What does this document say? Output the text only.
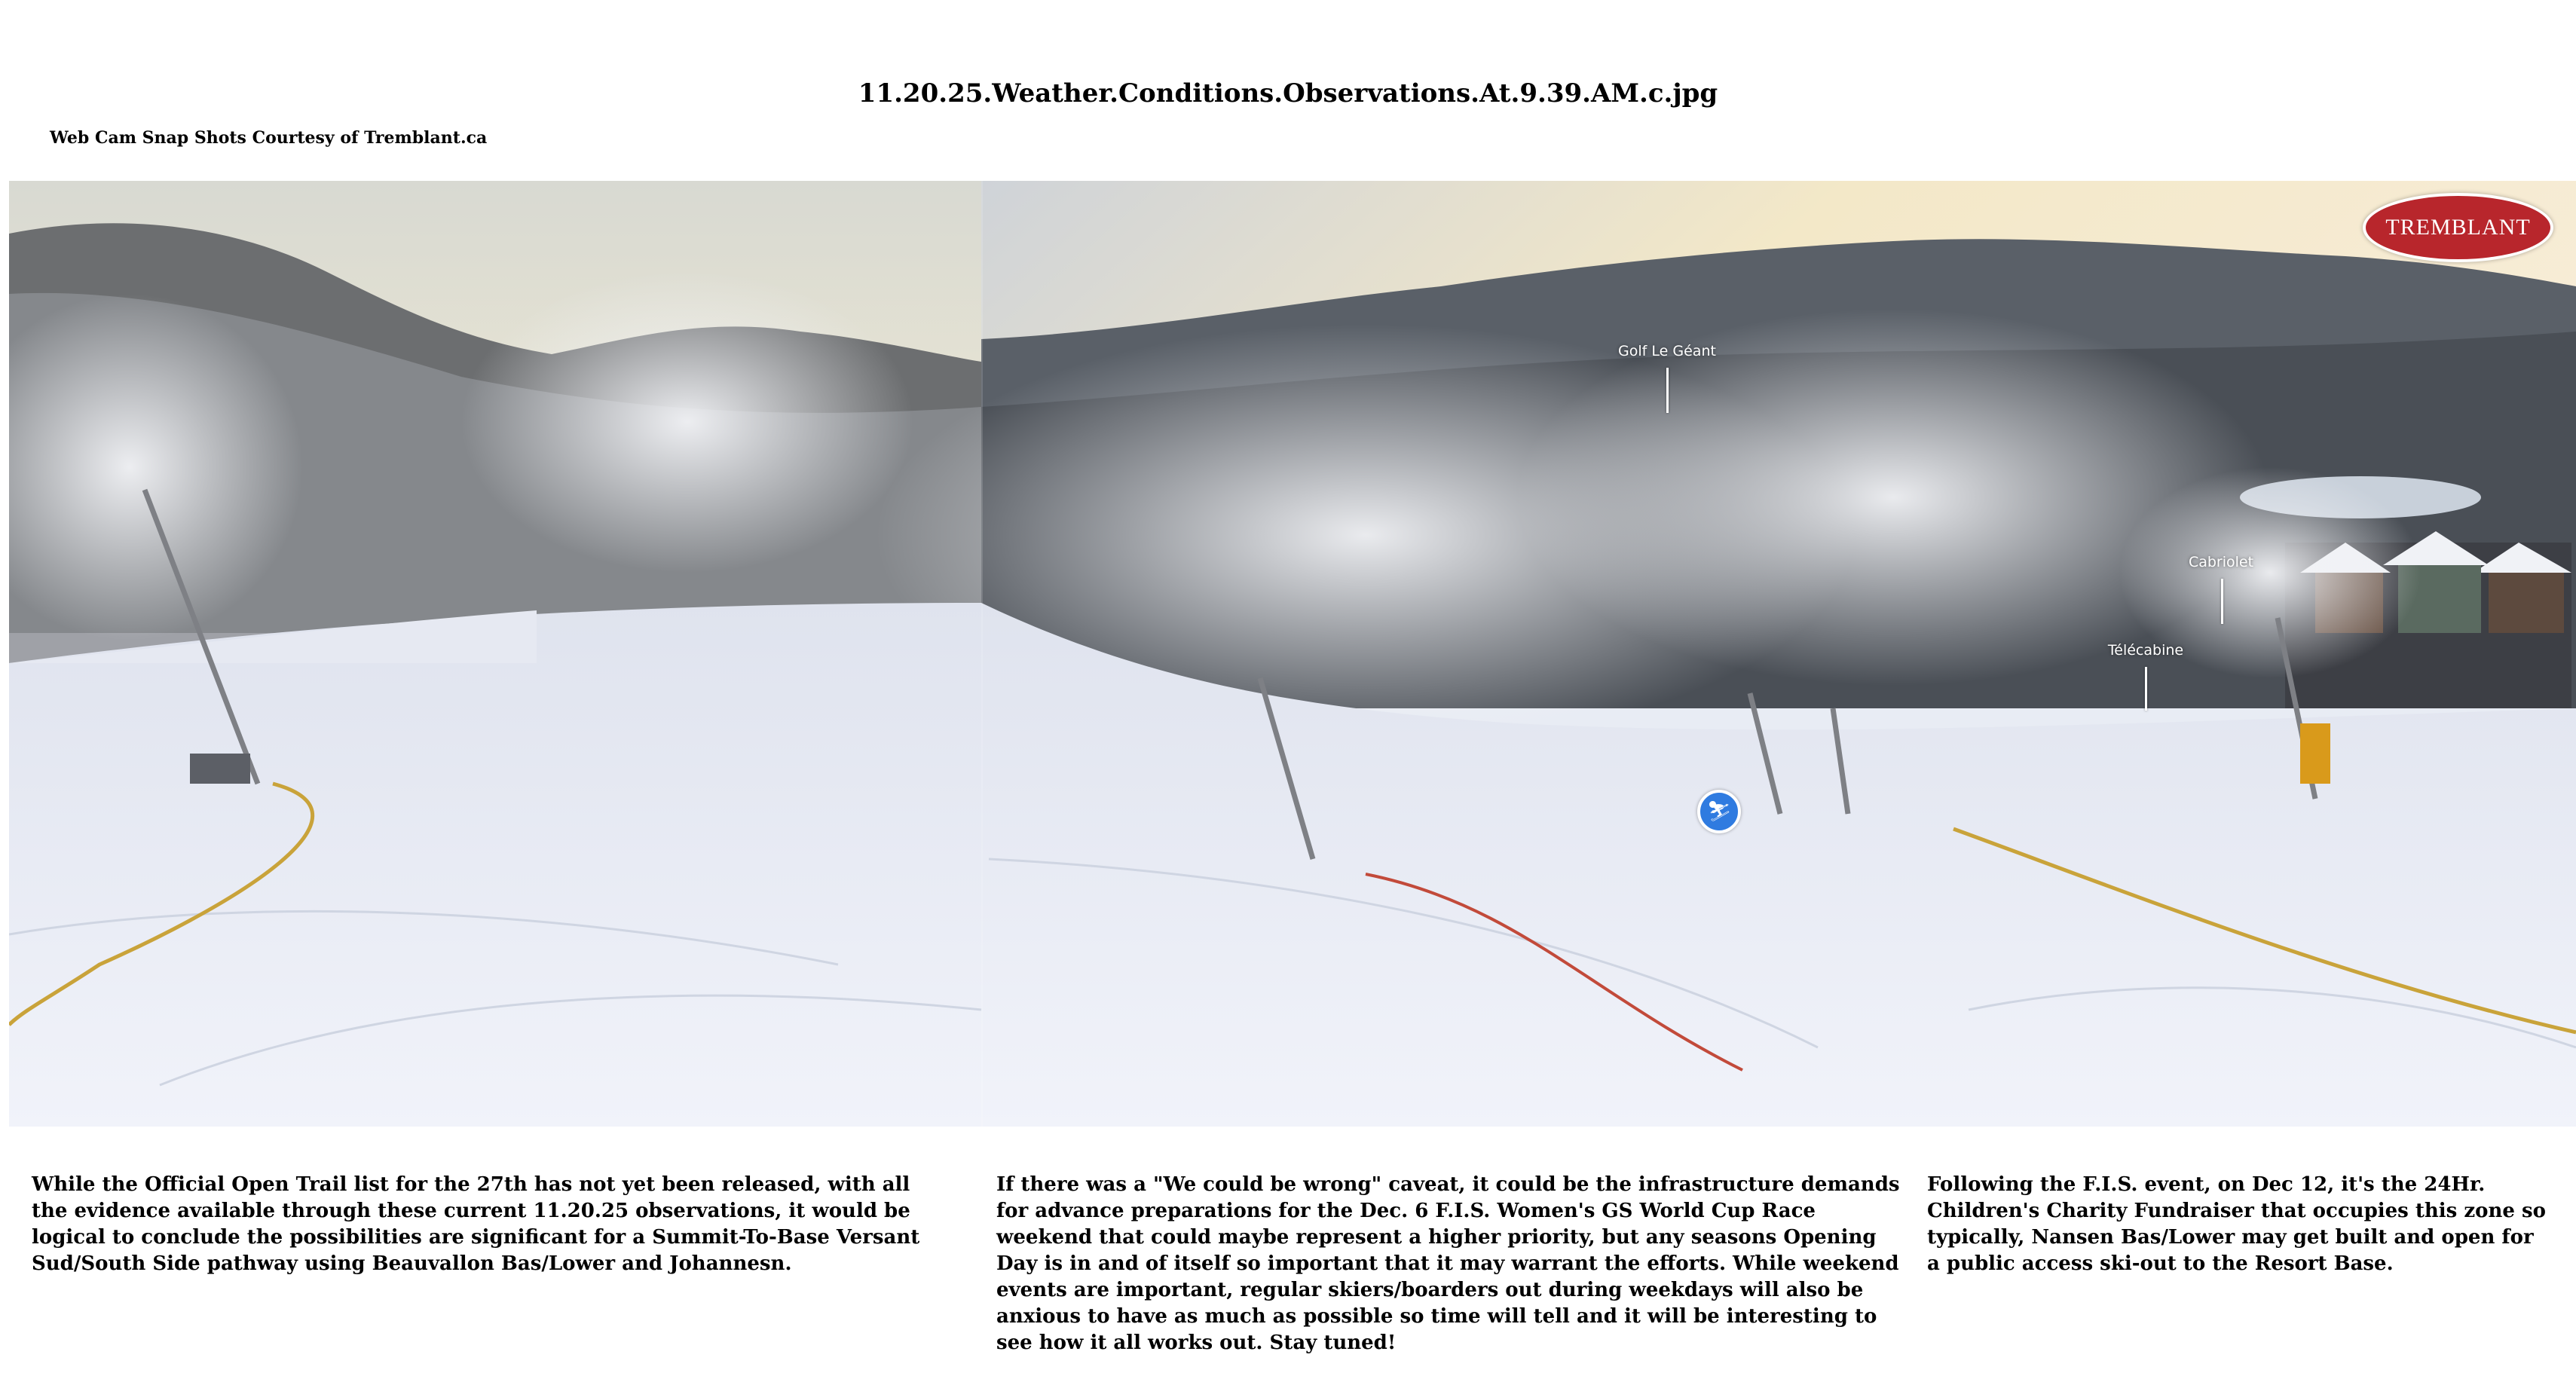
11.20.25.Weather.Conditions.Observations.At.9.39.AM.c.jpg
Web Cam Snap Shots Courtesy of Tremblant.ca
Golf Le Géant
Cabriolet
Télécabine
TREMBLANT
⛷
While the Official Open Trail list for the 27th has not yet been released, with all the evidence available through these current 11.20.25 observations, it would be logical to conclude the possibilities are significant for a Summit-To-Base Versant Sud/South Side pathway using Beauvallon Bas/Lower and Johannesn.
If there was a "We could be wrong" caveat, it could be the infrastructure demands for advance preparations for the Dec. 6 F.I.S. Women's GS World Cup Race weekend that could maybe represent a higher priority, but any seasons Opening Day is in and of itself so important that it may warrant the efforts. While weekend events are important, regular skiers/boarders out during weekdays will also be anxious to have as much as possible so time will tell and it will be interesting to see how it all works out. Stay tuned!
Following the F.I.S. event, on Dec 12, it's the 24Hr. Children's Charity Fundraiser that occupies this zone so typically, Nansen Bas/Lower may get built and open for a public access ski-out to the Resort Base.
